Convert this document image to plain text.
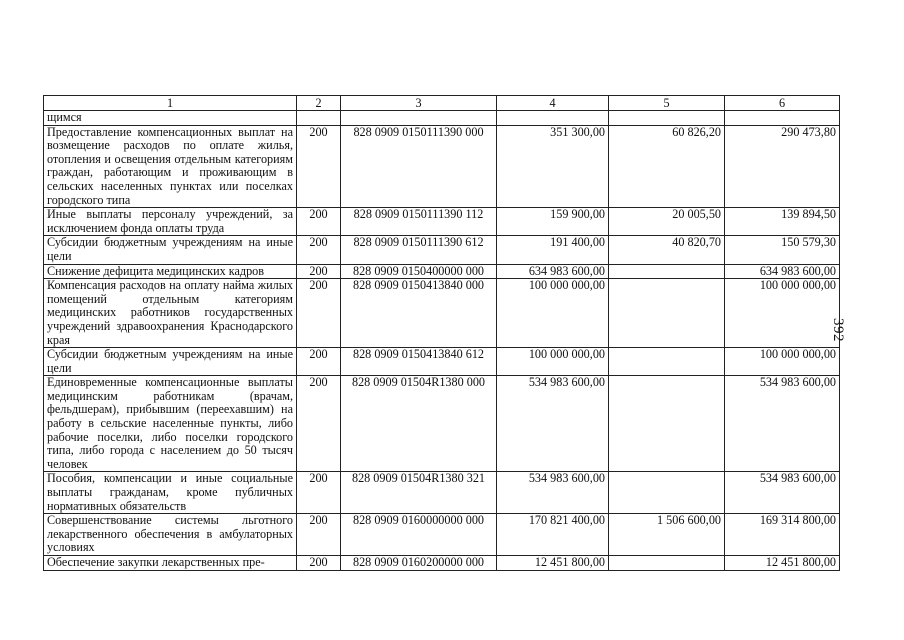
1	2	3	4	5	6
щимся					
Предоставление компенсационных выплат на возмещение расходов по оплате жилья, отопления и освещения отдельным категориям граждан, работающим и проживающим в сельских населенных пунктах или поселках городского типа	200	828 0909 0150111390 000	351 300,00	60 826,20	290 473,80
Иные выплаты персоналу учреждений, за исключением фонда оплаты труда	200	828 0909 0150111390 112	159 900,00	20 005,50	139 894,50
Субсидии бюджетным учреждениям на иные цели	200	828 0909 0150111390 612	191 400,00	40 820,70	150 579,30
Снижение дефицита медицинских кадров	200	828 0909 0150400000 000	634 983 600,00		634 983 600,00
Компенсация расходов на оплату найма жилых помещений отдельным категориям медицинских работников государственных учреждений здравоохранения Краснодарского края	200	828 0909 0150413840 000	100 000 000,00		100 000 000,00
Субсидии бюджетным учреждениям на иные цели	200	828 0909 0150413840 612	100 000 000,00		100 000 000,00
Единовременные компенсационные выплаты медицинским работникам (врачам, фельдшерам), прибывшим (переехавшим) на работу в сельские населенные пункты, либо рабочие поселки, либо поселки городского типа, либо города с населением до 50 тысяч человек	200	828 0909 01504R1380 000	534 983 600,00		534 983 600,00
Пособия, компенсации и иные социальные выплаты гражданам, кроме публичных нормативных обязательств	200	828 0909 01504R1380 321	534 983 600,00		534 983 600,00
Совершенствование системы льготного лекарственного обеспечения в амбулаторных условиях	200	828 0909 0160000000 000	170 821 400,00	1 506 600,00	169 314 800,00
Обеспечение закупки лекарственных пре-	200	828 0909 0160200000 000	12 451 800,00		12 451 800,00
392
